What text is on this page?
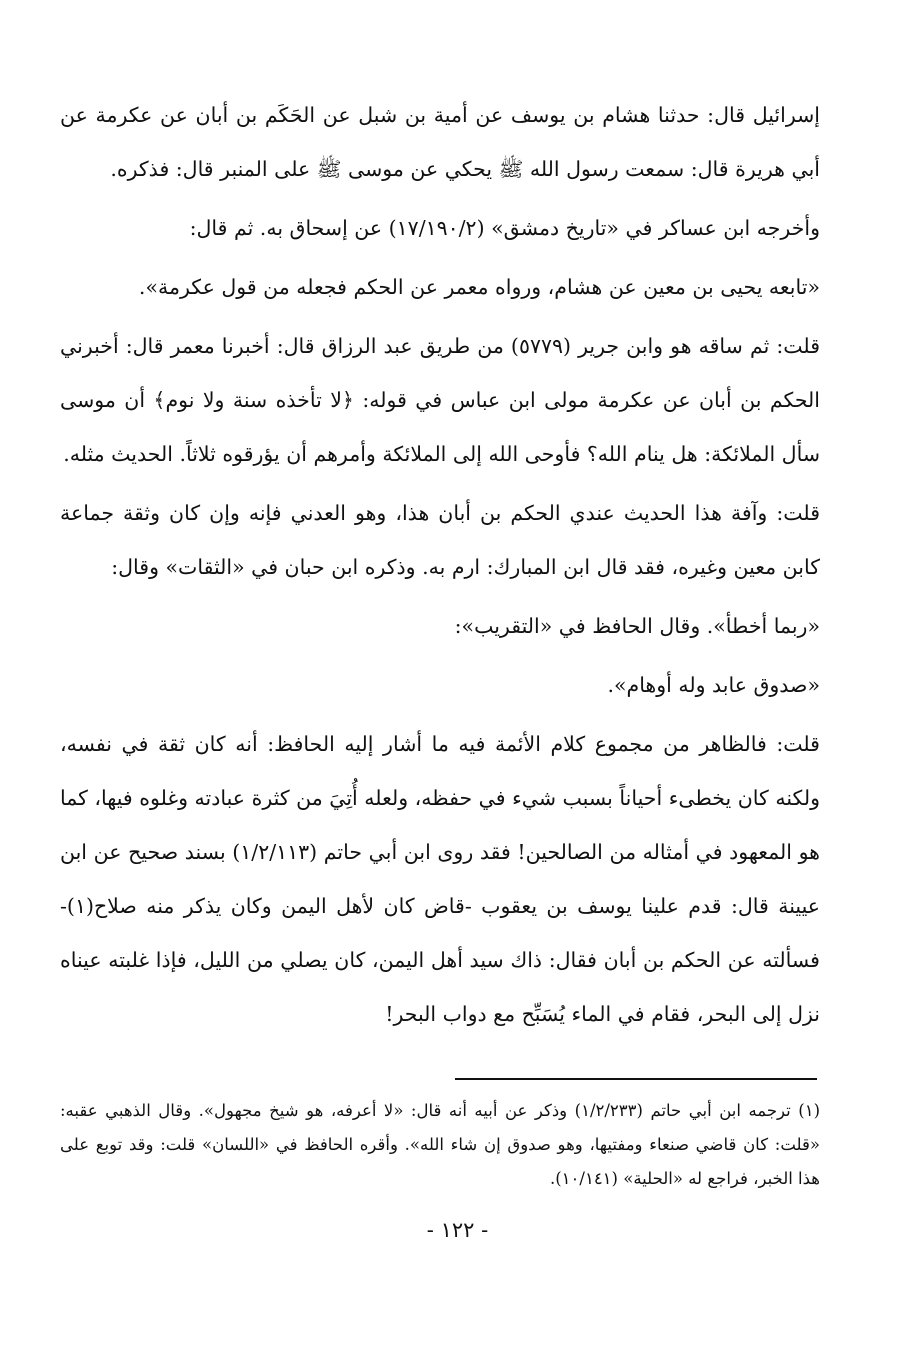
إسرائيل قال: حدثنا هشام بن يوسف عن أمية بن شبل عن الحَكَم بن أبان عن عكرمة عن أبي هريرة قال: سمعت رسول الله ﷺ يحكي عن موسى ﷺ على المنبر قال: فذكره.

وأخرجه ابن عساكر في «تاريخ دمشق» (١٧/١٩٠/٢) عن إسحاق به. ثم قال:

«تابعه يحيى بن معين عن هشام، ورواه معمر عن الحكم فجعله من قول عكرمة».

قلت: ثم ساقه هو وابن جرير (٥٧٧٩) من طريق عبد الرزاق قال: أخبرنا معمر قال: أخبرني الحكم بن أبان عن عكرمة مولى ابن عباس في قوله: ﴿لا تأخذه سنة ولا نوم﴾ أن موسى سأل الملائكة: هل ينام الله؟ فأوحى الله إلى الملائكة وأمرهم أن يؤرقوه ثلاثاً. الحديث مثله.

قلت: وآفة هذا الحديث عندي الحكم بن أبان هذا، وهو العدني فإنه وإن كان وثقة جماعة كابن معين وغيره، فقد قال ابن المبارك: ارم به. وذكره ابن حبان في «الثقات» وقال:

«ربما أخطأ». وقال الحافظ في «التقريب»:

«صدوق عابد وله أوهام».

قلت: فالظاهر من مجموع كلام الأئمة فيه ما أشار إليه الحافظ: أنه كان ثقة في نفسه، ولكنه كان يخطىء أحياناً بسبب شيء في حفظه، ولعله أُتِيَ من كثرة عبادته وغلوه فيها، كما هو المعهود في أمثاله من الصالحين! فقد روى ابن أبي حاتم (١/٢/١١٣) بسند صحيح عن ابن عيينة قال: قدم علينا يوسف بن يعقوب -قاض كان لأهل اليمن وكان يذكر منه صلاح(١)- فسألته عن الحكم بن أبان فقال: ذاك سيد أهل اليمن، كان يصلي من الليل، فإذا غلبته عيناه نزل إلى البحر، فقام في الماء يُسَبِّح مع دواب البحر!

(١) ترجمه ابن أبي حاتم (١/٢/٢٣٣) وذكر عن أبيه أنه قال: «لا أعرفه، هو شيخ مجهول». وقال الذهبي عقبه: «قلت: كان قاضي صنعاء ومفتيها، وهو صدوق إن شاء الله». وأقره الحافظ في «اللسان» قلت: وقد توبع على هذا الخبر، فراجع له «الحلية» (١٠/١٤١).

- ١٢٢ -
